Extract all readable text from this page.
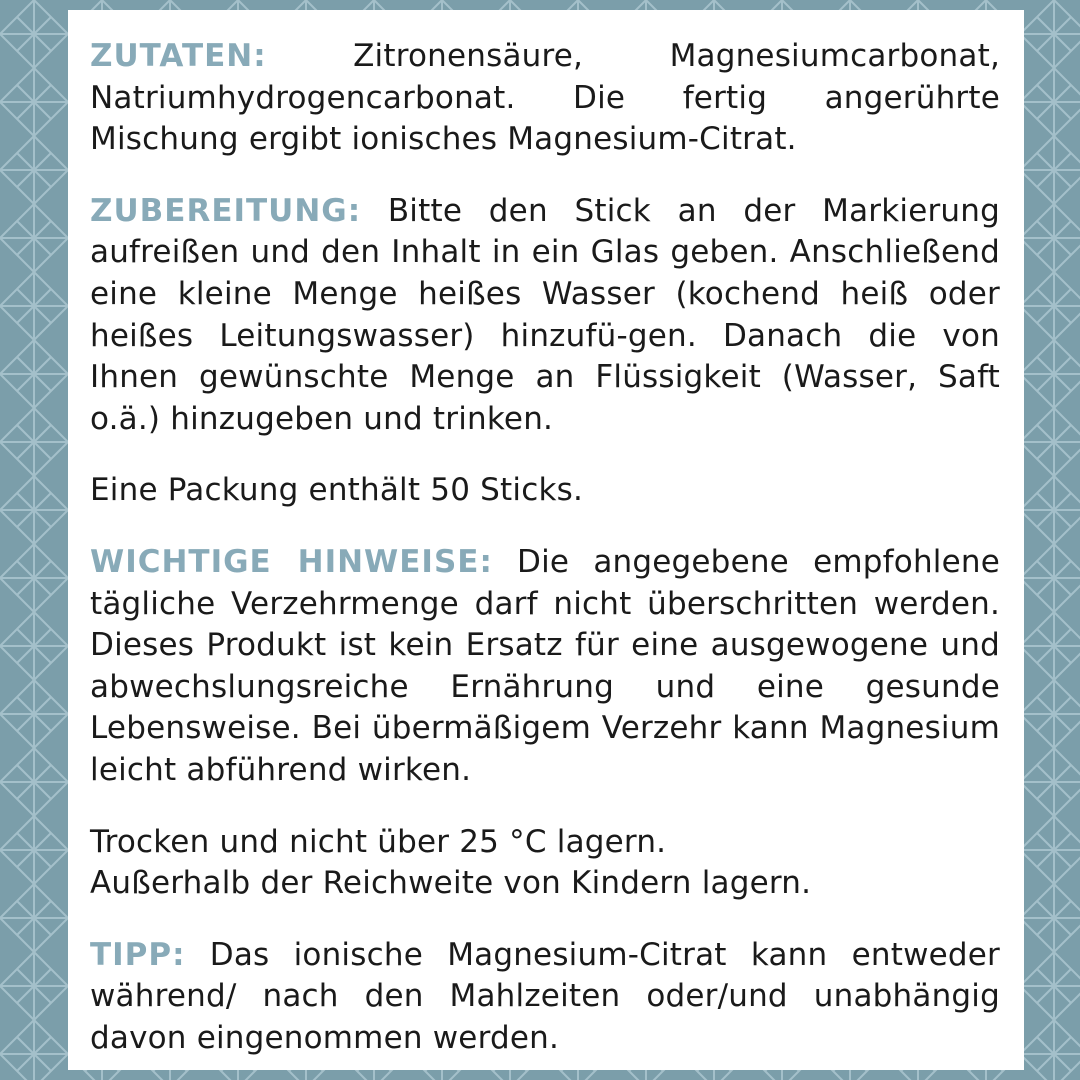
ZUTATEN: Zitronensäure, Magnesiumcarbonat, Natriumhydrogencarbonat. Die fertig angerührte Mischung ergibt ionisches Magnesium-Citrat.

ZUBEREITUNG: Bitte den Stick an der Markierung aufreißen und den Inhalt in ein Glas geben. Anschließend eine kleine Menge heißes Wasser (kochend heiß oder heißes Leitungswasser) hinzufü-gen. Danach die von Ihnen gewünschte Menge an Flüssigkeit (Wasser, Saft o.ä.) hinzugeben und trinken.

Eine Packung enthält 50 Sticks.

WICHTIGE HINWEISE: Die angegebene empfohlene tägliche Verzehrmenge darf nicht überschritten werden. Dieses Produkt ist kein Ersatz für eine ausgewogene und abwechslungsreiche Ernährung und eine gesunde Lebensweise. Bei übermäßigem Verzehr kann Magnesium leicht abführend wirken.

Trocken und nicht über 25 °C lagern.
Außerhalb der Reichweite von Kindern lagern.

TIPP: Das ionische Magnesium-Citrat kann entweder während/ nach den Mahlzeiten oder/und unabhängig davon eingenommen werden.
